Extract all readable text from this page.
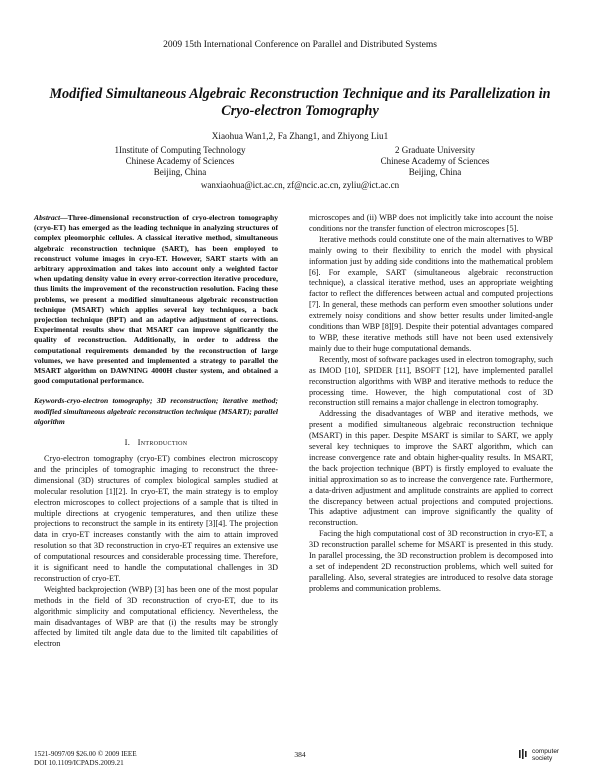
2009 15th International Conference on Parallel and Distributed Systems
Modified Simultaneous Algebraic Reconstruction Technique and its Parallelization in
Cryo-electron Tomography
Xiaohua Wan1,2, Fa Zhang1, and Zhiyong Liu1
1Institute of Computing Technology
Chinese Academy of Sciences
Beijing, China
2 Graduate University
Chinese Academy of Sciences
Beijing, China
wanxiaohua@ict.ac.cn, zf@ncic.ac.cn, zyliu@ict.ac.cn

Abstract—Three-dimensional reconstruction of cryo-electron tomography (cryo-ET) has emerged as the leading technique in analyzing structures of complex pleomorphic cellules. A classical iterative method, simultaneous algebraic reconstruction technique (SART), has been employed to reconstruct volume images in cryo-ET. However, SART starts with an arbitrary approximation and takes into account only a weighted factor when updating density value in every error-correction iterative procedure, thus limits the improvement of the reconstruction resolution. Facing these problems, we present a modified simultaneous algebraic reconstruction technique (MSART) which applies several key techniques, a back projection technique (BPT) and an adaptive adjustment of corrections. Experimental results show that MSART can improve significantly the quality of reconstruction. Additionally, in order to address the computational requirements demanded by the reconstruction of large volumes, we have presented and implemented a strategy to parallel the MSART algorithm on DAWNING 4000H cluster system, and obtained a good computational performance.

Keywords-cryo-electron tomography; 3D reconstruction; iterative method; modified simultaneous algebraic reconstruction technique (MSART); parallel algorithm

I. Introduction

Cryo-electron tomography (cryo-ET) combines electron microscopy and the principles of tomographic imaging to reconstruct the three-dimensional (3D) structures of complex biological samples studied at molecular resolution [1][2]. In cryo-ET, the main strategy is to employ electron microscopes to collect projections of a sample that is tilted in multiple directions at cryogenic temperatures, and then utilize these projections to reconstruct the sample in its entirety [3][4]. The projection data in cryo-ET increases constantly with the aim to attain improved resolution so that 3D reconstruction in cryo-ET requires an extensive use of computational resources and considerable processing time. Therefore, it is significant need to handle the computational challenges in 3D reconstruction of cryo-ET.

Weighted backprojection (WBP) [3] has been one of the most popular methods in the field of 3D reconstruction of cryo-ET, due to its algorithmic simplicity and computational efficiency. Nevertheless, the main disadvantages of WBP are that (i) the results may be strongly affected by limited tilt angle data due to the limited tilt capabilities of electron

microscopes and (ii) WBP does not implicitly take into account the noise conditions nor the transfer function of electron microscopes [5].

Iterative methods could constitute one of the main alternatives to WBP mainly owing to their flexibility to enrich the model with physical information just by adding side conditions into the mathematical problem [6]. For example, SART (simultaneous algebraic reconstruction technique), a classical iterative method, uses an appropriate weighting factor to reflect the differences between actual and computed projections [7]. In general, these methods can perform even smoother solutions under extremely noisy conditions and show better results under limited-angle conditions than WBP [8][9]. Despite their potential advantages compared to WBP, these iterative methods still have not been used extensively mainly due to their huge computational demands.

Recently, most of software packages used in electron tomography, such as IMOD [10], SPIDER [11], BSOFT [12], have implemented parallel reconstruction algorithms with WBP and iterative methods to reduce the processing time. However, the high computational cost of 3D reconstruction still remains a major challenge in electron tomography.

Addressing the disadvantages of WBP and iterative methods, we present a modified simultaneous algebraic reconstruction technique (MSART) in this paper. Despite MSART is similar to SART, we apply several key techniques to improve the SART algorithm, which can increase convergence rate and obtain higher-quality results. In MSART, the back projection technique (BPT) is firstly employed to evaluate the initial approximation so as to increase the convergence rate. Furthermore, a data-driven adjustment and amplitude constraints are applied to correct the discrepancy between actual projections and computed projections. This adaptive adjustment can improve significantly the quality of reconstruction.

Facing the high computational cost of 3D reconstruction in cryo-ET, a 3D reconstruction parallel scheme for MSART is presented in this study. In parallel processing, the 3D reconstruction problem is decomposed into a set of independent 2D reconstruction problems, which well suited for paralleling. Also, several strategies are introduced to resolve data storage problems and communication problems.

1521-9097/09 $26.00 © 2009 IEEE
DOI 10.1109/ICPADS.2009.21
384	computer
society
